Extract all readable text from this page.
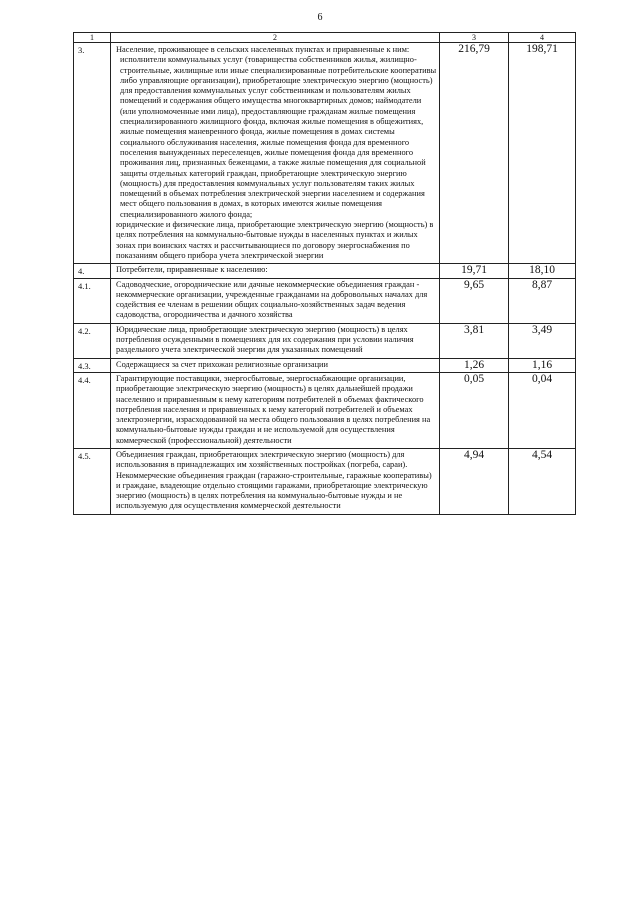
6
1	2	3	4
3.	Население, проживающее в сельских населенных пунктах и приравненные к ним:

исполнители коммунальных услуг (товарищества собственников жилья, жилищно-строительные, жилищные или иные специализированные потребительские кооперативы либо управляющие организации), приобретающие электрическую энергию (мощность) для предоставления коммунальных услуг собственникам и пользователям жилых помещений и содержания общего имущества многоквартирных домов; наймодатели (или уполномоченные ими лица), предоставляющие гражданам жилые помещения специализированного жилищного фонда, включая жилые помещения в общежитиях, жилые помещения маневренного фонда, жилые помещения в домах системы социального обслуживания населения, жилые помещения фонда для временного поселения вынужденных переселенцев, жилые помещения фонда для временного проживания лиц, признанных беженцами, а также жилые помещения для социальной защиты отдельных категорий граждан, приобретающие электрическую энергию (мощность) для предоставления коммунальных услуг пользователям таких жилых помещений в объемах потребления электрической энергии населением и содержания мест общего пользования в домах, в которых имеются жилые помещения специализированного жилого фонда;

юридические и физические лица, приобретающие электрическую энергию (мощность) в целях потребления на коммунально-бытовые нужды в населенных пунктах и жилых зонах при воинских частях и рассчитывающиеся по договору энергоснабжения по показаниям общего прибора учета электрической энергии	216,79	198,71
4.	Потребители, приравненные к населению:	19,71	18,10
4.1.	Садоводческие, огороднические или дачные некоммерческие объединения граждан - некоммерческие организации, учрежденные гражданами на добровольных началах для содействия ее членам в решении общих социально-хозяйственных задач ведения садоводства, огородничества и дачного хозяйства	9,65	8,87
4.2.	Юридические лица, приобретающие электрическую энергию (мощность) в целях потребления осужденными в помещениях для их содержания при условии наличия раздельного учета электрической энергии для указанных помещений	3,81	3,49
4.3.	Содержащиеся за счет прихожан религиозные организации	1,26	1,16
4.4.	Гарантирующие поставщики, энергосбытовые, энергоснабжающие организации, приобретающие электрическую энергию (мощность) в целях дальнейшей продажи населению и приравненным к нему категориям потребителей в объемах фактического потребления населения и приравненных к нему категорий потребителей и объемах электроэнергии, израсходованной на места общего пользования в целях потребления на коммунально-бытовые нужды граждан и не используемой для осуществления коммерческой (профессиональной) деятельности	0,05	0,04
4.5.	Объединения граждан, приобретающих электрическую энергию (мощность) для использования в принадлежащих им хозяйственных постройках (погреба, сараи).

Некоммерческие объединения граждан (гаражно-строительные, гаражные кооперативы) и граждане, владеющие отдельно стоящими гаражами, приобретающие электрическую энергию (мощность) в целях потребления на коммунально-бытовые нужды и не используемую для осуществления коммерческой деятельности	4,94	4,54
